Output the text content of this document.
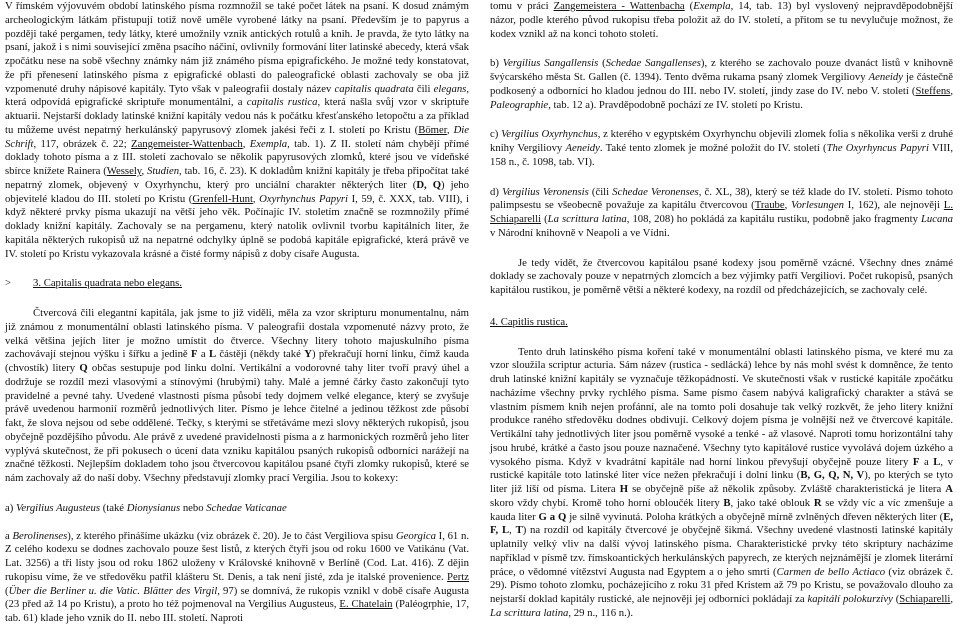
V římském výjovuvém období latinského písma rozmnožil se také počet látek na psaní. K dosud známým archeologickým látkám přistupují totiž nově uměle vyrobené látky na psaní. Především je to papyrus a později také pergamen, tedy látky, které umožnily vznik antických rotulů a knih. Je pravda, že tyto látky na psaní, jakož i s nimi související změna psacího náčiní, ovlivnily formování liter latinské abecedy, která však zpočátku nese na sobě všechny známky nám již známého písma epigrafického. Je možné tedy konstatovat, že při přenesení latinského písma z epigrafické oblasti do paleografické oblasti zachovaly se oba již vzpomenuté druhy nápisové kapitály. Tyto však v paleografii dostaly název capitalis quadrata čili elegans, která odpovídá epigrafické skriptuře monumentální, a capitalis rustica, která našla svůj vzor v skriptuře aktuarii. Nejstarší doklady latinské knižní kapitály vedou nás k počátku křesťanského letopočtu a za příklad tu můžeme uvést nepatrný herkulánský papyrusový zlomek jakési řeči z I. století po Kristu (Bömer, Die Schrift, 117, obrázek č. 22; Zangemeister-Wattenbach, Exempla, tab. 1). Z II. století nám chybějí přímé doklady tohoto písma a z III. století zachovalo se několik papyrusových zlomků, které jsou ve vídeňské sbírce knížete Rainera (Wessely, Studien, tab. 16, č. 23). K dokladům knižní kapitály je třeba připočítat také nepatrný zlomek, objevený v Oxyrhynchu, který pro unciální charakter některých liter (D, Q) jeho objevitelé kladou do III. století po Kristu (Grenfell-Hunt, Oxyrhynchus Papyri I, 59, č. XXX, tab. VIII), i když některé prvky písma ukazují na větší jeho věk. Počínajíc IV. stoletím značně se rozmnožily přímé doklady knižní kapitály. Zachovaly se na pergamenu, který natolik ovlivnil tvorbu kapitálních liter, že kapitála některých rukopisů už na nepatrné odchylky úplně se podobá kapitále epigrafické, která právě ve IV. století po Kristu vykazovala krásné a čisté formy nápisů z doby císaře Augusta.

> 3. Capitalis quadrata nebo elegans.

Čtvercová čili elegantní kapitála, jak jsme to již viděli, měla za vzor skripturu monumentalnu, nám již známou z monumentální oblasti latinského písma. V paleografii dostala vzpomenuté názvy proto, že velká většina jejích liter je možno umístit do čtverce. Všechny litery tohoto majuskulního písma zachovávají stejnou výšku i šířku a jedině F a L částěji (někdy také Y) překračují horní linku, čímž kauda (chvostík) litery Q občas sestupuje pod linku dolní. Vertikální a vodorovné tahy liter tvoří pravý úhel a dodržuje se rozdíl mezi vlasovými a stínovými (hrubými) tahy. Malé a jemné čárky často zakončují tyto pravidelné a pevné tahy. Uvedené vlastnosti písma působí tedy dojmem velké elegance, který se zvyšuje právě uvedenou harmonií rozměrů jednotlivých liter. Písmo je lehce čitelné a jedinou těžkost zde působí fakt, že slova nejsou od sebe oddělené. Tečky, s kterými se střetáváme mezi slovy některých rukopisů, jsou obyčejně pozdějšího původu. Ale právě z uvedené pravidelnosti písma a z harmonických rozměrů jeho liter vyplývá skutečnost, že při pokusech o úcení data vzniku kapitálou psaných rukopisů odborníci narážejí na značné těžkosti. Nejlepším dokladem toho jsou čtvercovou kapitálou psané čtyři zlomky rukopisů, které se nám zachovaly až do naší doby. Všechny představují zlomky prací Vergilia. Jsou to kokexy:

a) Vergilius Augusteus (také Dionysianus nebo Schedae Vaticanae

a Berolinenses), z kterého přinášíme ukázku (viz obrázek č. 20). Je to část Vergiliova spisu Georgica I, 61 n. Z celého kodexu se dodnes zachovalo pouze šest listů, z kterých čtyři jsou od roku 1600 ve Vatikánu (Vat. Lat. 3256) a tři listy jsou od roku 1862 uloženy v Královské knihovně v Berlíně (Cod. Lat. 416). Z dějin rukopisu víme, že ve středověku patřil klášteru St. Denis, a tak není jisté, zda je italské provenience. Pertz (Über die Berliner u. die Vatic. Blätter des Virgil, 97) se domnívá, že rukopis vznikl v době císaře Augusta (23 před až 14 po Kristu), a proto ho též pojmenoval na Vergilius Augusteus, E. Chatelain (Paléogrphie, 17, tab. 61) klade jeho vznik do II. nebo III. století. Naproti

tomu v práci Zangemeistera - Wattenbacha (Exempla, 14, tab. 13) byl vyslovený nejpravděpodobnější názor, podle kterého původ rukopisu třeba položit až do IV. století, a přitom se tu nevylučuje možnost, že kodex vznikl až na konci tohoto století.

b) Vergilius Sangallensis (Schedae Sangallenses), z kterého se zachovalo pouze dvanáct listů v knihovně švýcarského města St. Gallen (č. 1394). Tento dvěma rukama psaný zlomek Vergiliovy Aeneidy je částečně podkosený a odborníci ho kladou jednou do III. nebo IV. století, jindy zase do IV. nebo V. století (Steffens, Paleographie, tab. 12 a). Pravděpodobně pochází ze IV. století po Kristu.

c) Vergilius Oxyrhynchus, z kterého v egyptském Oxyrhynchu objevili zlomek folia s několika verši z druhé knihy Vergiliovy Aeneidy. Také tento zlomek je možné položit do IV. století (The Oxyrhyncus Papyri VIII, 158 n., č. 1098, tab. VI).

d) Vergilius Veronensis (čili Schedae Veronenses, č. XL, 38), který se též klade do IV. století. Písmo tohoto palimpsestu se všeobecně považuje za kapitálu čtvercovou (Traube, Vorlesungen I, 162), ale nejnověji L. Schiaparelli (La scrittura latina, 108, 208) ho pokládá za kapitálu rustiku, podobně jako fragmenty Lucana v Národní knihovně v Neapoli a ve Vídni.

Je tedy vidět, že čtvercovou kapitálou psané kodexy jsou poměrně vzácné. Všechny dnes známé doklady se zachovaly pouze v nepatrných zlomcích a bez výjimky patří Vergiliovi. Počet rukopisů, psaných kapitálou rustikou, je poměrně větší a některé kodexy, na rozdíl od předcházejících, se zachovaly celé.

4. Capitlis rustica.

Tento druh latinského písma koření také v monumentální oblasti latinského písma, ve které mu za vzor sloužila scriptur acturia. Sám název (rustica - sedlácká) lehce by nás mohl svést k domněnce, že tento druh latinské knižní kapitály se vyznačuje těžkopádností. Ve skutečnosti však v rustické kapitále zpočátku nacházíme všechny prvky rychlého písma. Same písmo časem nabývá kaligrafický charakter a stává se vlastním písmem knih nejen profánní, ale na tomto poli dosahuje tak velký rozkvět, že jeho litery knižní produkce raného středověku dodnes obdivují. Celkový dojem písma je volnější než ve čtvercové kapitále. Vertikální tahy jednotlivých liter jsou poměrně vysoké a tenké - až vlasové. Naproti tomu horizontální tahy jsou hrubé, krátké a často jsou pouze naznačené. Všechny tyto kapitálové rustice vyvolává dojem úzkého a vysokého písma. Když v kvadrátní kapitále nad horní linkou převyšují obyčejně pouze litery F a L, v rustické kapitále toto latinské liter více nežen překračují i dolní linku (B, G, Q, N, V), po kterých se tyto liter již líší od písma. Litera H se obyčejně píše až několik způsoby. Zvláště charakteristická je litera A skoro vždy chybí. Kromě toho horní obloučék litery B, jako také oblouk R se vždy víc a víc zmenšuje a kauda liter G a Q je silně vyvinutá. Poloha krátkých a obyčejně mírně zvlněných dřeven některých liter (E, F, L, T) na rozdíl od kapitály čtvercové je obyčejně šikmá. Všechny uvedené vlastnosti latinské kapitály uplatnily velký vliv na další vývoj latinského písma. Charakteristické prvky této skriptury nacházíme například v písmě tzv. římskoantických herkulánských papyrech, ze kterých nejznámější je zlomek literární práce, o vědomné vítězství Augusta nad Egyptem a o jeho smrti (Carmen de bello Actiaco (viz obrázek č. 29). Písmo tohoto zlomku, pocházejícího z roku 31 před Kristem až 79 po Kristu, se považovalo dlouho za nejstarší doklad kapitály rustické, ale nejnověji jej odborníci pokládají za kapitálí polokurzívy (Schiaparelli, La scrittura latina, 29 n., 116 n.).
